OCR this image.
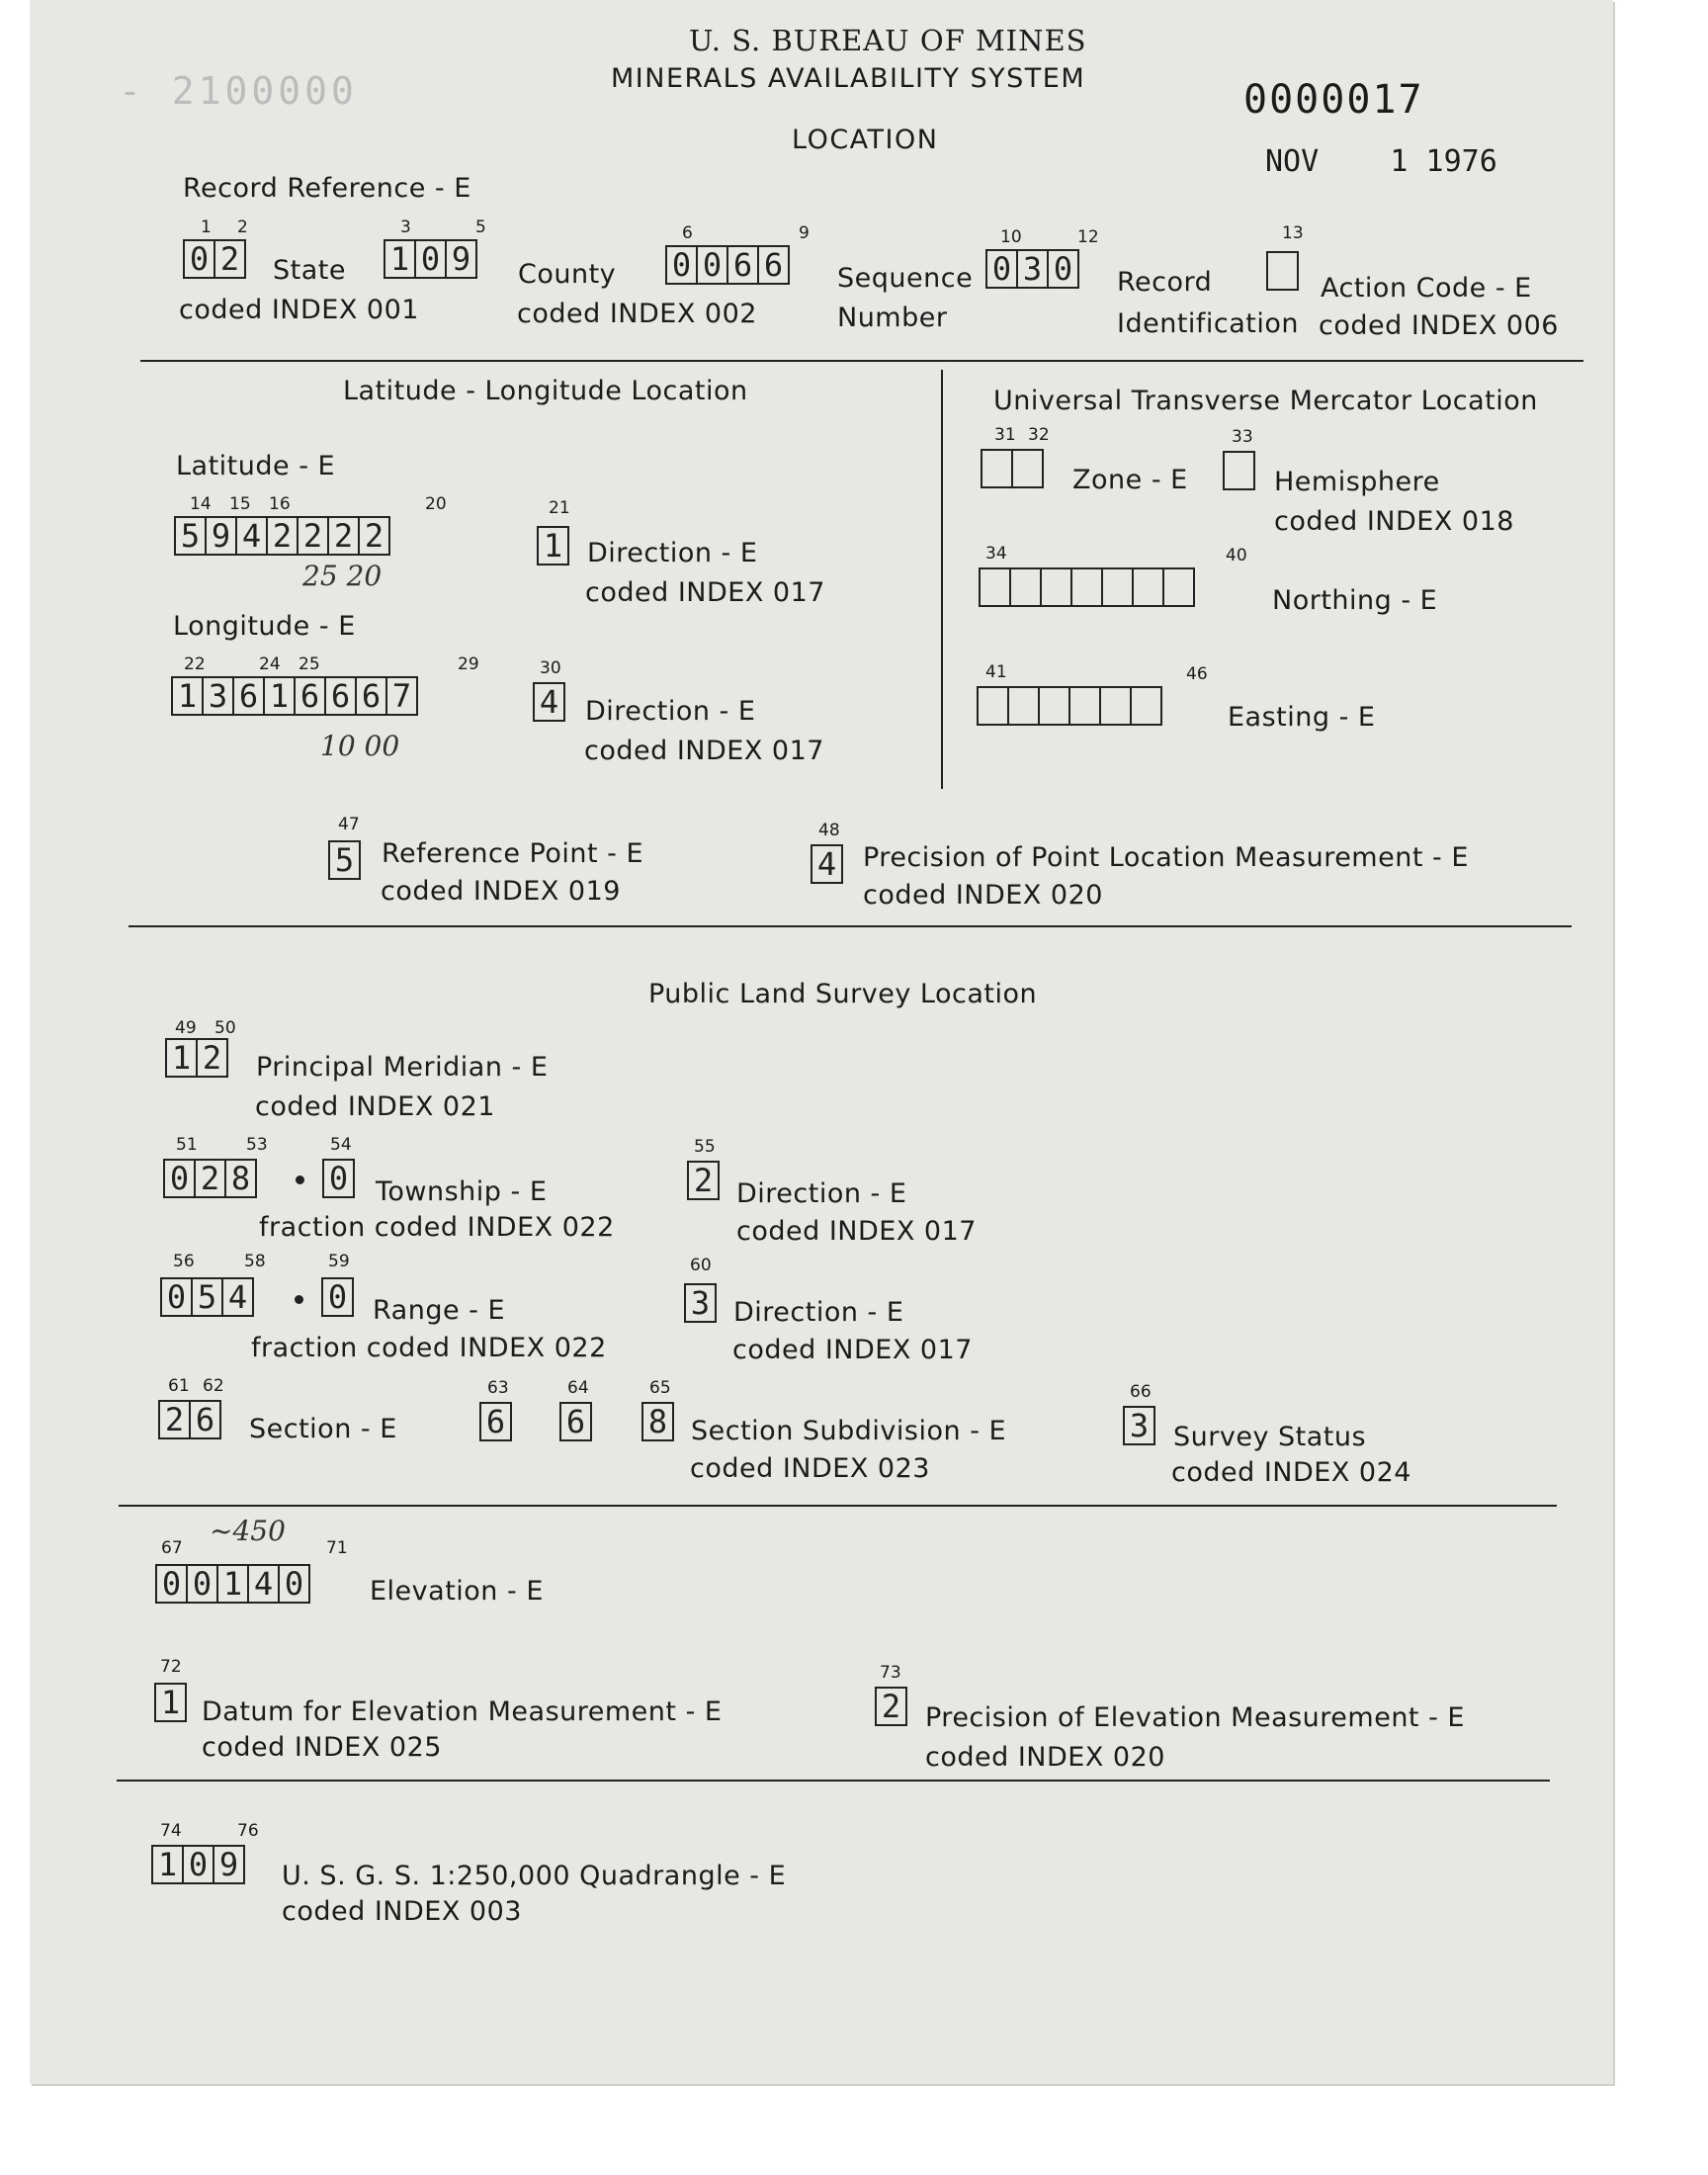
U. S. BUREAU OF MINES
MINERALS AVAILABILITY SYSTEM
LOCATION
0000017
NOV    1 1976
- 2100000
Record Reference - E
1 2
0 2 State
coded INDEX 001
3	5
1 0 9 County
coded INDEX 002
6	9
0 0 6 6 Sequence
Number
10	12
0 3 0 Record
Identification
13
Action Code - E
coded INDEX 006
Latitude - Longitude Location
Latitude - E
14 15 16	20
5 9 4 2 2 2 2
25 20
21
1 Direction - E
coded INDEX 017
Longitude - E
22	24 25	29
1 3 6 1 6 6 6 7
10 00
30
4 Direction - E
coded INDEX 017
Universal Transverse Mercator Location
31 32
Zone - E
33
Hemisphere
coded INDEX 018
34	40
Northing - E
41	46
Easting - E
47
5 Reference Point - E
coded INDEX 019
48
4 Precision of Point Location Measurement - E
coded INDEX 020
Public Land Survey Location
49 50
1 2 Principal Meridian - E
coded INDEX 021
51	53	54
0 2 8 0 Township - E
fraction coded INDEX 022
55
2 Direction - E
coded INDEX 017
56	58	59
0 5 4	0 Range - E
fraction coded INDEX 022
60
3 Direction - E
coded INDEX 017
61 62
2 6 Section - E
63	64	65
6 6 8 Section Subdivision - E
coded INDEX 023
66
3 Survey Status
coded INDEX 024
~450
67	71
0 0 1 4 0 Elevation - E
72
1 Datum for Elevation Measurement - E
coded INDEX 025
73
2 Precision of Elevation Measurement - E
coded INDEX 020
74	76
1 0 9 U. S. G. S. 1:250,000 Quadrangle - E
coded INDEX 003
